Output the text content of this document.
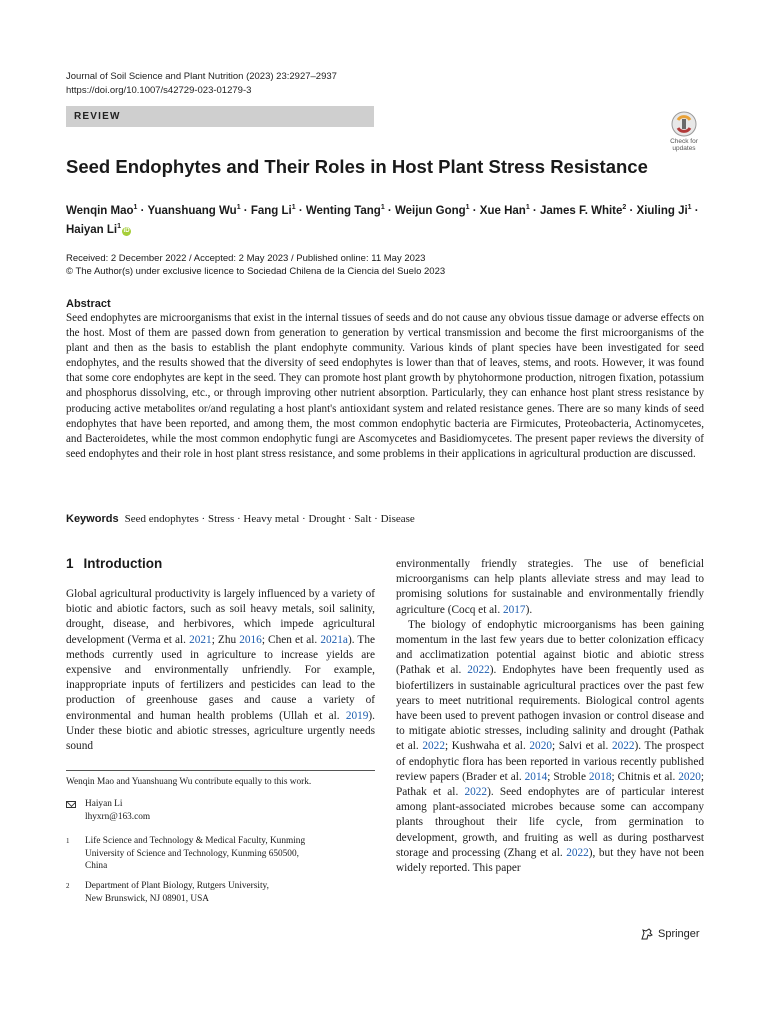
Journal of Soil Science and Plant Nutrition (2023) 23:2927–2937
https://doi.org/10.1007/s42729-023-01279-3
REVIEW
Check for
updates
Seed Endophytes and Their Roles in Host Plant Stress Resistance
Wenqin Mao$^1$ · Yuanshuang $Wu^1$ · Fang $Li^1$ · Wenting Tang$^1$ · Weijun Gong$^1$ · Xue Han$^1$ · James F. White$^2$ · Xiuling $Ji^1$ · Haiyan Li$^1$iD
Received: 2 December 2022 / Accepted: 2 May 2023 / Published online: 11 May 2023
© The Author(s) under exclusive licence to Sociedad Chilena de la Ciencia del Suelo 2023
Abstract
Seed endophytes are microorganisms that exist in the internal tissues of seeds and do not cause any obvious tissue damage or adverse effects on the host. Most of them are passed down from generation to generation by vertical transmission and become the first microorganisms of the plant and then as the basis to establish the plant endophyte community. Various kinds of plant species have been investigated for seed endophytes, and the results showed that the diversity of seed endophytes is lower than that of leaves, stems, and roots. However, it was found that some core endophytes are kept in the seed. They can promote host plant growth by phytohormone production, nitrogen fixation, potassium and phosphorus dissolving, etc., or through improving other nutrient absorption. Particularly, they can enhance host plant stress resistance by producing active metabolites or/and regulating a host plant's antioxidant system and related resistance genes. There are so many kinds of seed endophytes that have been reported, and among them, the most common endophytic bacteria are Firmicutes, Proteobacteria, Actinomycetes, and Bacteroidetes, while the most common endophytic fungi are Ascomycetes and Basidiomycetes. The present paper reviews the diversity of seed endophytes and their role in host plant stress resistance, and some problems in their applications in agricultural production are discussed.
Keywords Seed endophytes · Stress · Heavy metal · Drought · Salt · Disease
1 Introduction

Global agricultural productivity is largely influenced by a variety of biotic and abiotic factors, such as soil heavy metals, soil salinity, drought, disease, and herbivores, which impede agricultural development (Verma et al. 2021; Zhu 2016; Chen et al. 2021a). The methods currently used in agriculture to increase yields are expensive and environmentally unfriendly. For example, inappropriate inputs of fertilizers and pesticides can lead to the production of greenhouse gases and cause a variety of environmental and human health problems (Ullah et al. 2019). Under these biotic and abiotic stresses, agriculture urgently needs sound

environmentally friendly strategies. The use of beneficial microorganisms can help plants alleviate stress and may lead to promising solutions for sustainable and environmentally friendly agriculture (Cocq et al. 2017).

The biology of endophytic microorganisms has been gaining momentum in the last few years due to better colonization efficacy and acclimatization potential against biotic and abiotic stress (Pathak et al. 2022). Endophytes have been frequently used as biofertilizers in sustainable agricultural practices over the past few years to meet nutritional requirements. Biological control agents have been used to prevent pathogen invasion or control disease and to mitigate abiotic stresses, including salinity and drought (Pathak et al. 2022; Kushwaha et al. 2020; Salvi et al. 2022). The prospect of endophytic flora has been reported in various recently published review papers (Brader et al. 2014; Stroble 2018; Chitnis et al. 2020; Pathak et al. 2022). Seed endophytes are of particular interest among plant-associated microbes because some can accompany plants throughout their life cycle, from germination to development, growth, and fruiting as well as during postharvest storage and processing (Zhang et al. 2022), but they have not been widely reported. This paper

Wenqin Mao and Yuanshuang Wu contribute equally to this work.
Haiyan Li
lhyxrn@163.com
1	Life Science and Technology & Medical Faculty, Kunming
University of Science and Technology, Kunming 650500,
China
2	Department of Plant Biology, Rutgers University,
New Brunswick, NJ 08901, USA
Springer
